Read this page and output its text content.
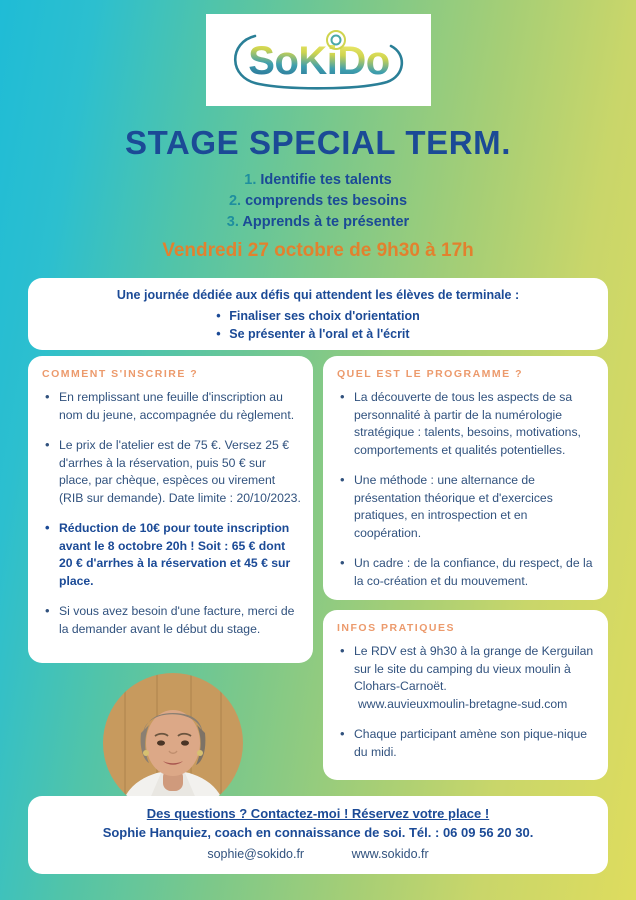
SoKiDo
STAGE SPECIAL TERM.
1. Identifie tes talents
2. comprends tes besoins
3. Apprends à te présenter
Vendredi 27 octobre de 9h30 à 17h
Une journée dédiée aux défis qui attendent les élèves de terminale :
• Finaliser ses choix d'orientation
• Se présenter à l'oral et à l'écrit
COMMENT S'INSCRIRE ?
• En remplissant une feuille d'inscription au nom du jeune, accompagnée du règlement.
• Le prix de l'atelier est de 75 €. Versez 25 € d'arrhes à la réservation, puis 50 € sur place, par chèque, espèces ou virement (RIB sur demande). Date limite : 20/10/2023.
• Réduction de 10€ pour toute inscription avant le 8 octobre 20h ! Soit : 65 € dont 20 € d'arrhes à la réservation et 45 € sur place.
• Si vous avez besoin d'une facture, merci de la demander avant le début du stage.
QUEL EST LE PROGRAMME ?
• La découverte de tous les aspects de sa personnalité à partir de la numérologie stratégique : talents, besoins, motivations, comportements et qualités potentielles.
• Une méthode : une alternance de présentation théorique et d'exercices pratiques, en introspection et en coopération.
• Un cadre : de la confiance, du respect, de la la co-création et du mouvement.
INFOS PRATIQUES
• Le RDV est à 9h30 à la grange de Kerguilan sur le site du camping du vieux moulin à Clohars-Carnoët.
www.auvieuxmoulin-bretagne-sud.com
• Chaque participant amène son pique-nique du midi.
Des questions ? Contactez-moi ! Réservez votre place !
Sophie Hanquiez, coach en connaissance de soi. Tél. : 06 09 56 20 30.
sophie@sokido.fr	www.sokido.fr
